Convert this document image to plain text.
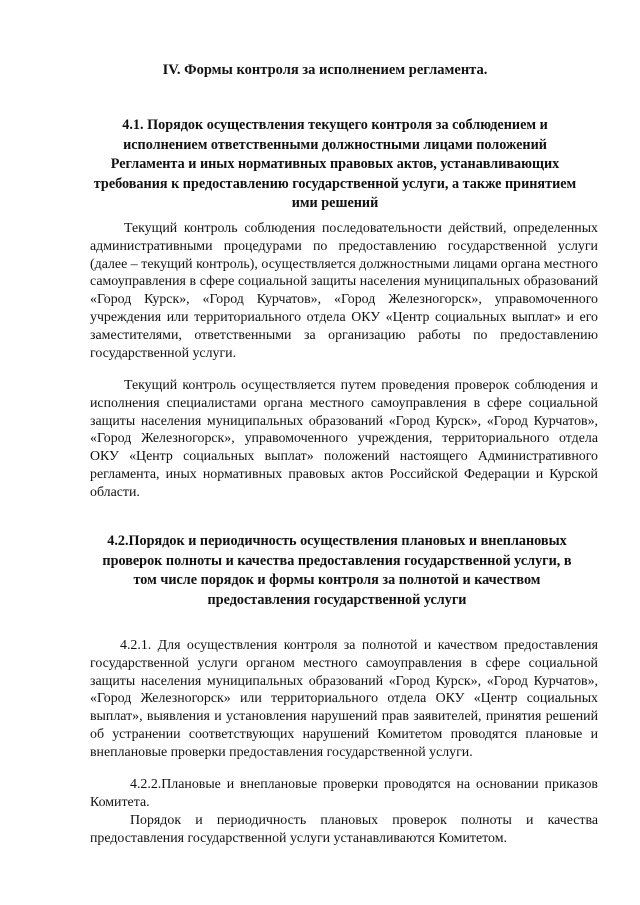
IV. Формы контроля за исполнением регламента.
4.1. Порядок осуществления текущего контроля за соблюдением и исполнением ответственными должностными лицами положений Регламента и иных нормативных правовых актов, устанавливающих требования к предоставлению государственной услуги, а также принятием ими решений

Текущий контроль соблюдения последовательности действий, определенных административными процедурами по предоставлению государственной услуги (далее – текущий контроль), осуществляется должностными лицами органа местного самоуправления в сфере социальной защиты населения муниципальных образований «Город Курск», «Город Курчатов», «Город Железногорск», управомоченного учреждения или территориального отдела ОКУ «Центр социальных выплат» и его заместителями, ответственными за организацию работы по предоставлению государственной услуги.

Текущий контроль осуществляется путем проведения проверок соблюдения и исполнения специалистами органа местного самоуправления в сфере социальной защиты населения муниципальных образований «Город Курск», «Город Курчатов», «Город Железногорск», управомоченного учреждения, территориального отдела ОКУ «Центр социальных выплат» положений настоящего Административного регламента, иных нормативных правовых актов Российской Федерации и Курской области.

4.2.Порядок и периодичность осуществления плановых и внеплановых проверок полноты и качества предоставления государственной услуги, в том числе порядок и формы контроля за полнотой и качеством предоставления государственной услуги

4.2.1. Для осуществления контроля за полнотой и качеством предоставления государственной услуги органом местного самоуправления в сфере социальной защиты населения муниципальных образований «Город Курск», «Город Курчатов», «Город Железногорск» или территориального отдела ОКУ «Центр социальных выплат», выявления и установления нарушений прав заявителей, принятия решений об устранении соответствующих нарушений Комитетом проводятся плановые и внеплановые проверки предоставления государственной услуги.

4.2.2.Плановые и внеплановые проверки проводятся на основании приказов Комитета.

Порядок и периодичность плановых проверок полноты и качества предоставления государственной услуги устанавливаются Комитетом.
